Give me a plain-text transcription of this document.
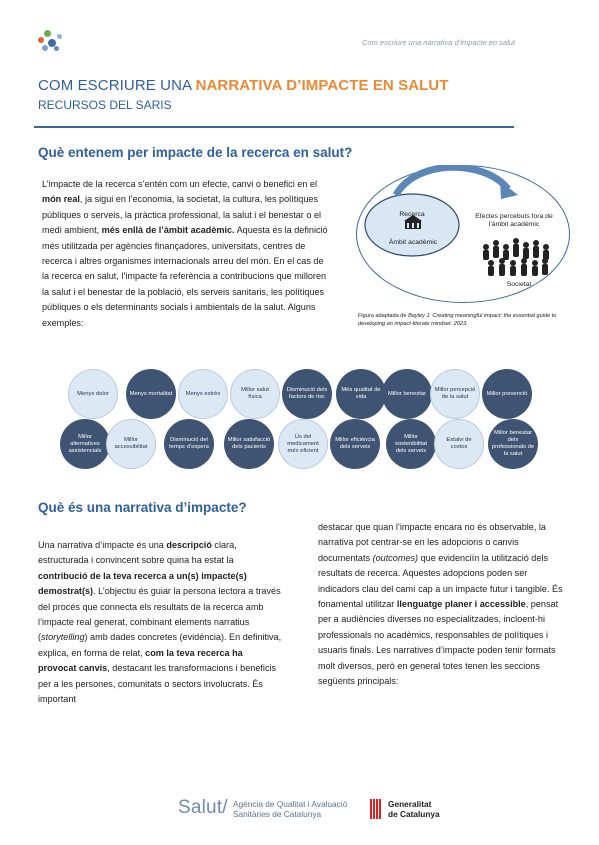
Com escriure una narrativa d’impacte en salut
COM ESCRIURE UNA NARRATIVA D’IMPACTE EN SALUT
RECURSOS DEL SARIS
Què entenem per impacte de la recerca en salut?
L’impacte de la recerca s’entén com un efecte, canvi o benefici en el món real, ja sigui en l’economia, la societat, la cultura, les polítiques públiques o serveis, la pràctica professional, la salut i el benestar o el medi ambient, més enllà de l’àmbit acadèmic. Aquesta és la definició més utilitzada per agències finançadores, universitats, centres de recerca i altres organismes internacionals arreu del món. En el cas de la recerca en salut, l’impacte fa referència a contribucions que milloren la salut i el benestar de la població, els serveis sanitaris, les polítiques públiques o els determinants socials i ambientals de la salut. Alguns exemples:
Recerca
Àmbit acadèmic
Efectes percebuts fora de l’àmbit acadèmic
Societat
Figura adaptada de Bayley J. Creating meaningful impact: the essential guide to developing an impact-literate mindset. 2023.
Menys dolor	Menys mortalitat	Menys estrès
Millor salut física
Disminució dels factors de risc
Més qualitat de vida
Millor benestar
Millor percepció de la salut
Millor prevenció
Millor alternatives assistencials
Millor accessibilitat
Disminució del temps d’espera
Millor satisfacció dels pacients
Ús del medicament més eficient
Millor eficiència dels serveis
Millor sostenibilitat dels serveis
Estalvi de costos
Millor benestar dels professionals de la salut
Què és una narrativa d’impacte?
Una narrativa d’impacte és una descripció clara, estructurada i convincent sobre quina ha estat la contribució de la teva recerca a un(s) impacte(s) demostrat(s). L’objectiu és guiar la persona lectora a través del procés que connecta els resultats de la recerca amb l’impacte real generat, combinant elements narratius (storytelling) amb dades concretes (evidència). En definitiva, explica, en forma de relat, com la teva recerca ha provocat canvis, destacant les transformacions i beneficis per a les persones, comunitats o sectors involucrats. És important
destacar que quan l’impacte encara no és observable, la narrativa pot centrar-se en les adopcions o canvis documentats (outcomes) que evidenciïn la utilització dels resultats de recerca. Aquestes adopcions poden ser indicadors clau del camí cap a un impacte futur i tangible. És fonamental utilitzar llenguatge planer i accessible, pensat per a audiències diverses no especialitzades, incloent-hi professionals no acadèmics, responsables de polítiques i usuaris finals. Les narratives d’impacte poden tenir formats molt diversos, però en general totes tenen les seccions següents principals:
Salut/ Agència de Qualitat i Avaluació
Sanitàries de Catalunya
Generalitat
de Catalunya
